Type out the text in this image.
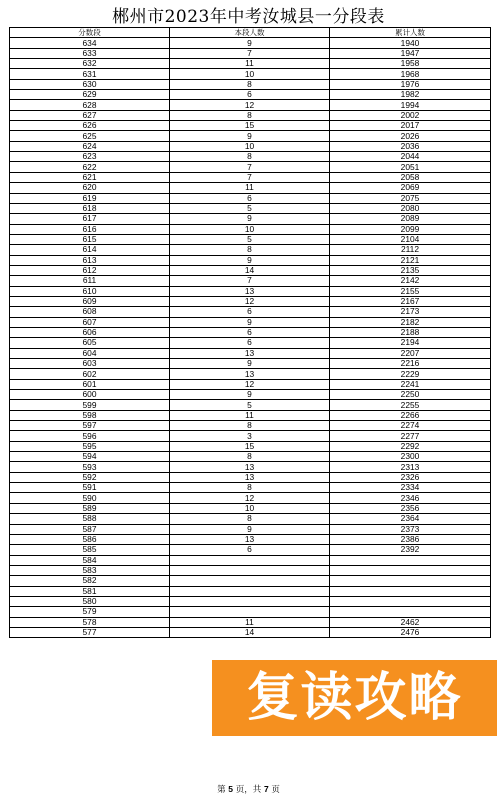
郴州市2023年中考汝城县一分段表
分数段	本段人数	累计人数
634	9	1940
633	7	1947
632	11	1958
631	10	1968
630	8	1976
629	6	1982
628	12	1994
627	8	2002
626	15	2017
625	9	2026
624	10	2036
623	8	2044
622	7	2051
621	7	2058
620	11	2069
619	6	2075
618	5	2080
617	9	2089
616	10	2099
615	5	2104
614	8	2112
613	9	2121
612	14	2135
611	7	2142
610	13	2155
609	12	2167
608	6	2173
607	9	2182
606	6	2188
605	6	2194
604	13	2207
603	9	2216
602	13	2229
601	12	2241
600	9	2250
599	5	2255
598	11	2266
597	8	2274
596	3	2277
595	15	2292
594	8	2300
593	13	2313
592	13	2326
591	8	2334
590	12	2346
589	10	2356
588	8	2364
587	9	2373
586	13	2386
585	6	2392
584		
583		
582		
581		
580		
579		
578	11	2462
577	14	2476
复读攻略
第 5 页，共 7 页
